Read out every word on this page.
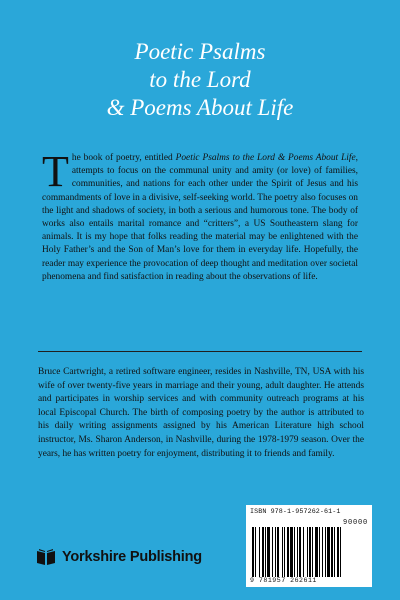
Poetic Psalms
to the Lord
& Poems About Life
The book of poetry, entitled Poetic Psalms to the Lord & Poems About Life, attempts to focus on the communal unity and amity (or love) of families, communities, and nations for each other under the Spirit of Jesus and his commandments of love in a divisive, self-seeking world. The poetry also focuses on the light and shadows of society, in both a serious and humorous tone. The body of works also entails marital romance and “critters”, a US Southeastern slang for animals. It is my hope that folks reading the material may be enlightened with the Holy Father’s and the Son of Man’s love for them in everyday life. Hopefully, the reader may experience the provocation of deep thought and meditation over societal phenomena and find satisfaction in reading about the observations of life.
Bruce Cartwright, a retired software engineer, resides in Nashville, TN, USA with his wife of over twenty-five years in marriage and their young, adult daughter. He attends and participates in worship services and with community outreach programs at his local Episcopal Church. The birth of composing poetry by the author is attributed to his daily writing assignments assigned by his American Literature high school instructor, Ms. Sharon Anderson, in Nashville, during the 1978-1979 season. Over the years, he has written poetry for enjoyment, distributing it to friends and family.
Yorkshire Publishing
ISBN 978-1-957262-61-1
90000
9 781957 262611
